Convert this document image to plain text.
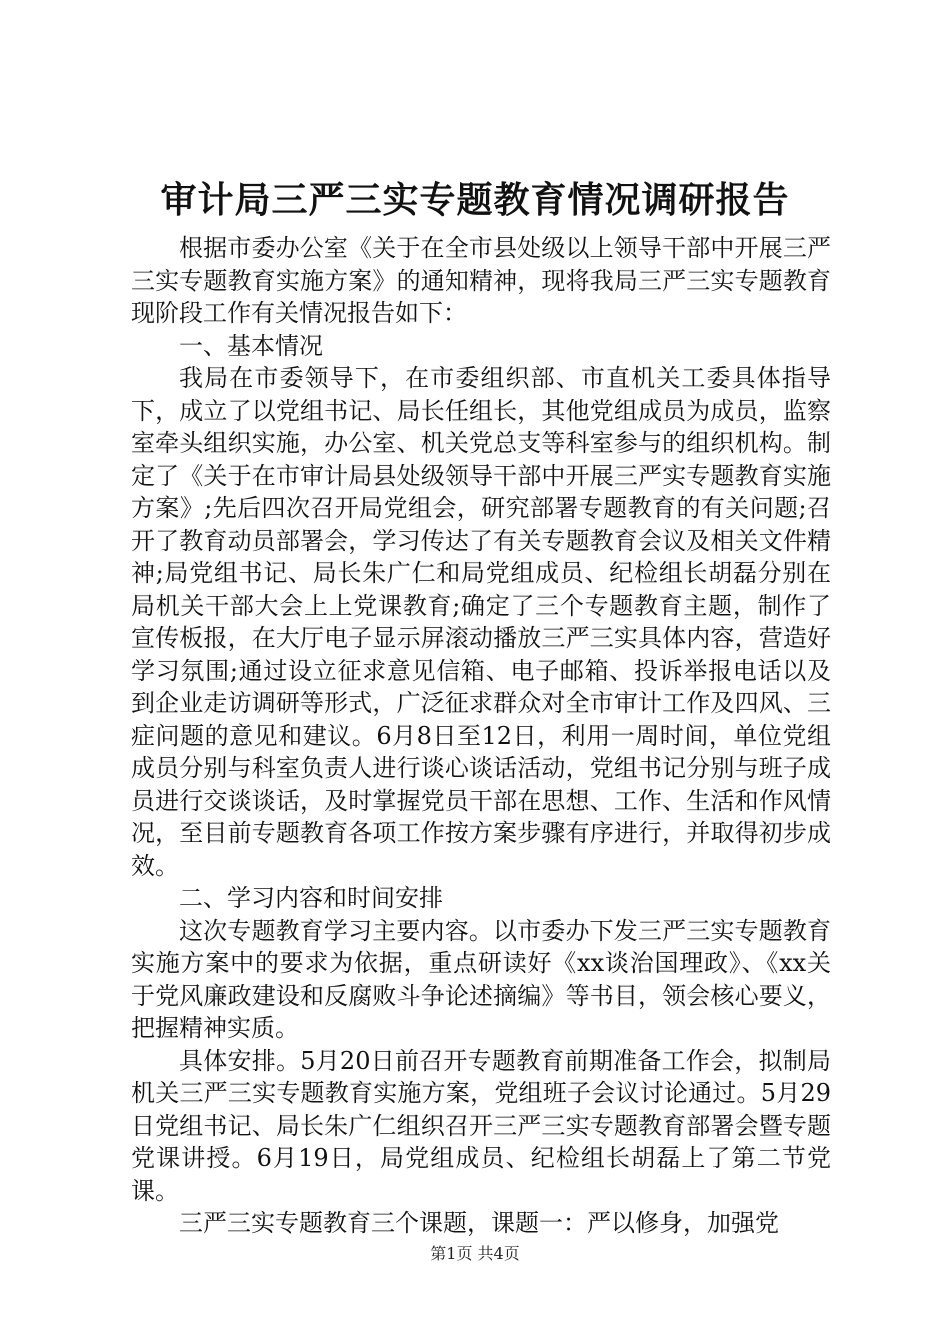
审计局三严三实专题教育情况调研报告

根据市委办公室《关于在全市县处级以上领导干部中开展三严三实专题教育实施方案》的通知精神，现将我局三严三实专题教育现阶段工作有关情况报告如下：

一、基本情况

我局在市委领导下，在市委组织部、市直机关工委具体指导下，成立了以党组书记、局长任组长，其他党组成员为成员，监察室牵头组织实施，办公室、机关党总支等科室参与的组织机构。制定了《关于在市审计局县处级领导干部中开展三严实专题教育实施方案》;先后四次召开局党组会，研究部署专题教育的有关问题;召开了教育动员部署会，学习传达了有关专题教育会议及相关文件精神;局党组书记、局长朱广仁和局党组成员、纪检组长胡磊分别在局机关干部大会上上党课教育;确定了三个专题教育主题，制作了宣传板报，在大厅电子显示屏滚动播放三严三实具体内容，营造好学习氛围;通过设立征求意见信箱、电子邮箱、投诉举报电话以及到企业走访调研等形式，广泛征求群众对全市审计工作及四风、三症问题的意见和建议。6月8日至12日，利用一周时间，单位党组成员分别与科室负责人进行谈心谈话活动，党组书记分别与班子成员进行交谈谈话，及时掌握党员干部在思想、工作、生活和作风情况，至目前专题教育各项工作按方案步骤有序进行，并取得初步成效。

二、学习内容和时间安排

这次专题教育学习主要内容。以市委办下发三严三实专题教育实施方案中的要求为依据，重点研读好《xx谈治国理政》、《xx关于党风廉政建设和反腐败斗争论述摘编》等书目，领会核心要义，把握精神实质。

具体安排。5月20日前召开专题教育前期准备工作会，拟制局机关三严三实专题教育实施方案，党组班子会议讨论通过。5月29日党组书记、局长朱广仁组织召开三严三实专题教育部署会暨专题党课讲授。6月19日，局党组成员、纪检组长胡磊上了第二节党课。

三严三实专题教育三个课题，课题一：严以修身，加强党

第1页 共4页
